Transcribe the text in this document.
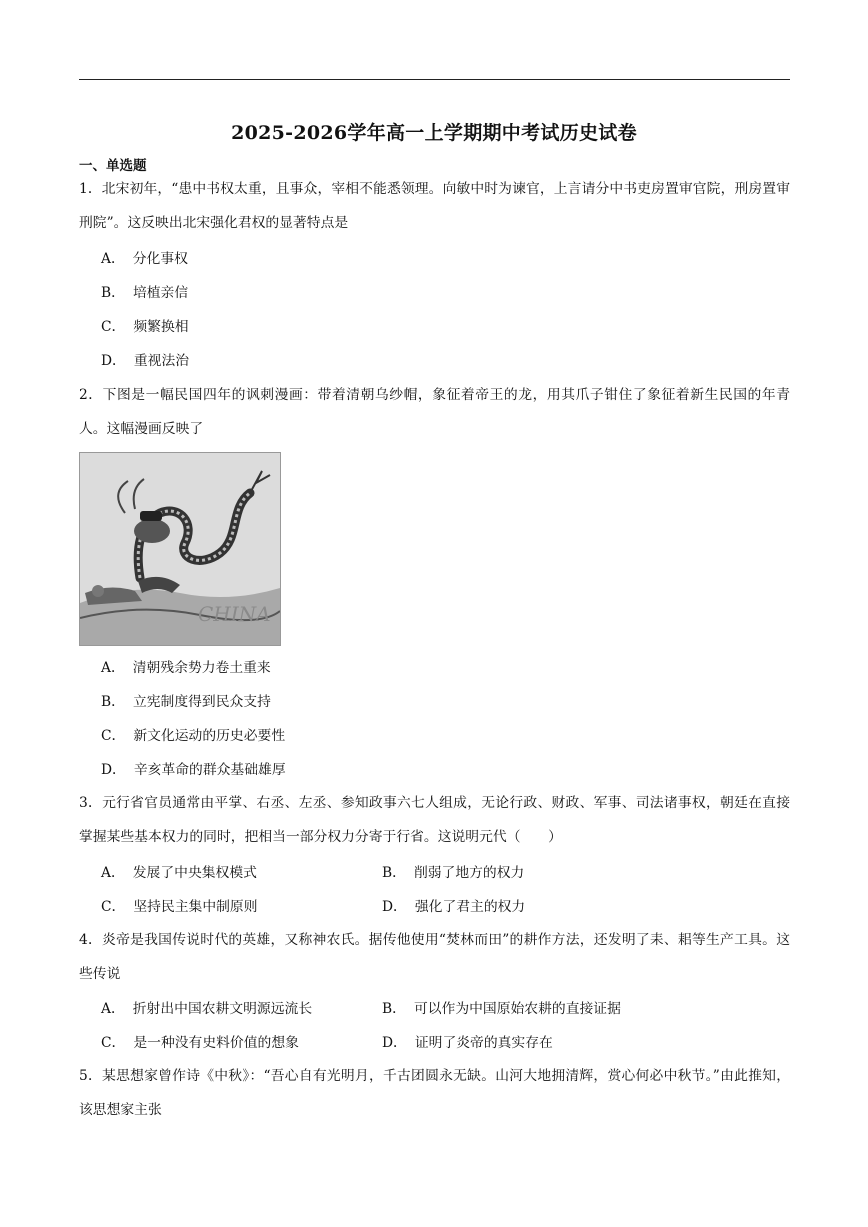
2025-2026学年高一上学期期中考试历史试卷
一、单选题
1．北宋初年，“患中书权太重，且事众，宰相不能悉领理。向敏中时为谏官，上言请分中书吏房置审官院，刑房置审刑院”。这反映出北宋强化君权的显著特点是
A． 分化事权
B． 培植亲信
C． 频繁换相
D． 重视法治
2．下图是一幅民国四年的讽刺漫画：带着清朝乌纱帽，象征着帝王的龙，用其爪子钳住了象征着新生民国的年青人。这幅漫画反映了
CHINA
A． 清朝残余势力卷土重来
B． 立宪制度得到民众支持
C． 新文化运动的历史必要性
D． 辛亥革命的群众基础雄厚
3．元行省官员通常由平掌、右丞、左丞、参知政事六七人组成，无论行政、财政、军事、司法诸事权，朝廷在直接掌握某些基本权力的同时，把相当一部分权力分寄于行省。这说明元代（　　）
A． 发展了中央集权模式	B． 削弱了地方的权力
C． 坚持民主集中制原则	D． 强化了君主的权力
4．炎帝是我国传说时代的英雄，又称神农氏。据传他使用“焚林而田”的耕作方法，还发明了耒、耜等生产工具。这些传说
A． 折射出中国农耕文明源远流长	B． 可以作为中国原始农耕的直接证据
C． 是一种没有史料价值的想象	D． 证明了炎帝的真实存在
5．某思想家曾作诗《中秋》：“吾心自有光明月，千古团圆永无缺。山河大地拥清辉，赏心何必中秋节。”由此推知，该思想家主张
